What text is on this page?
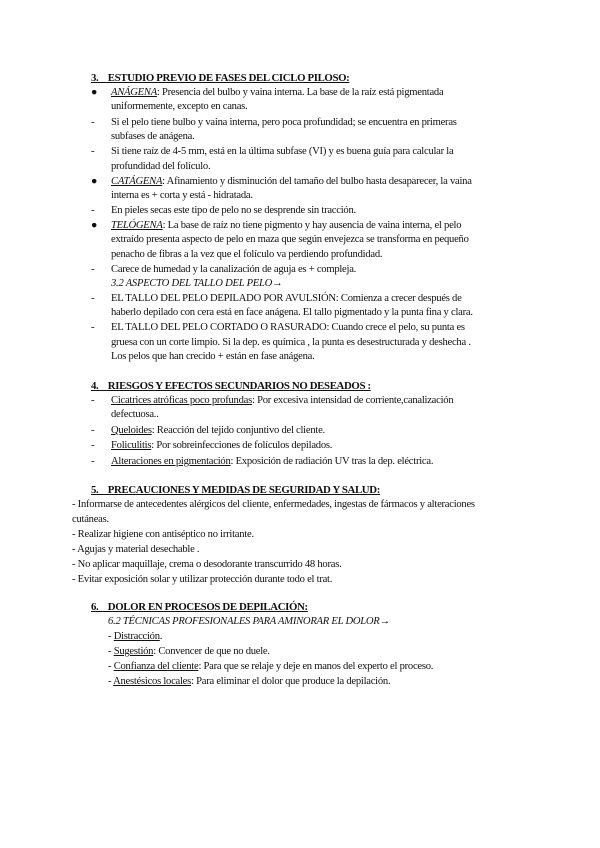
3.    ESTUDIO PREVIO DE FASES DEL CICLO PILOSO:
● ANÁGENA: Presencia del bulbo y vaina interna. La base de la raíz está pigmentada
uniformemente, excepto en canas.
- Si el pelo tiene bulbo y vaina interna, pero poca profundidad; se encuentra en primeras
subfases de anágena.
- Si tiene raíz de 4-5 mm, está en la última subfase (VI) y es buena guía para calcular la
profundidad del folículo.
● CATÁGENA: Afinamiento y disminución del tamaño del bulbo hasta desaparecer, la vaina
interna es + corta y está - hidratada.
- En pieles secas este tipo de pelo no se desprende sin tracción.
● TELÓGENA: La base de raíz no tiene pigmento y hay ausencia de vaina interna, el pelo
extraído presenta aspecto de pelo en maza que según envejezca se transforma en pequeño
penacho de fibras a la vez que el folículo va perdiendo profundidad.
- Carece de humedad y la canalización de aguja es + compleja.
3.2 ASPECTO DEL TALLO DEL PELO→
- EL TALLO DEL PELO DEPILADO POR AVULSIÓN: Comienza a crecer después de
haberlo depilado con cera está en face anágena. El tallo pigmentado y la punta fina y clara.
- EL TALLO DEL PELO CORTADO O RASURADO: Cuando crece el pelo, su punta es
gruesa con un corte limpio. Si la dep. es química , la punta es desestructurada y deshecha .
Los pelos que han crecido + están en fase anágena.
4.    RIESGOS Y EFECTOS SECUNDARIOS NO DESEADOS :
- Cicatrices atróficas poco profundas: Por excesiva intensidad de corriente,canalización
defectuosa..
- Queloides: Reacción del tejido conjuntivo del cliente.
- Foliculitis: Por sobreinfecciones de folículos depilados.
- Alteraciones en pigmentación: Exposición de radiación UV tras la dep. eléctrica.
5.    PRECAUCIONES Y MEDIDAS DE SEGURIDAD Y SALUD:
- Informarse de antecedentes alérgicos del cliente, enfermedades, ingestas de fármacos y alteraciones
cutáneas.
- Realizar higiene con antiséptico no irritante.
- Agujas y material desechable .
- No aplicar maquillaje, crema o desodorante transcurrido 48 horas.
- Evitar exposición solar y utilizar protección durante todo el trat.
6.    DOLOR EN PROCESOS DE DEPILACIÓN:
6.2 TÉCNICAS PROFESIONALES PARA AMINORAR EL DOLOR→
- Distracción.
- Sugestión: Convencer de que no duele.
- Confianza del cliente: Para que se relaje y deje en manos del experto el proceso.
- Anestésicos locales: Para eliminar el dolor que produce la depilación.
